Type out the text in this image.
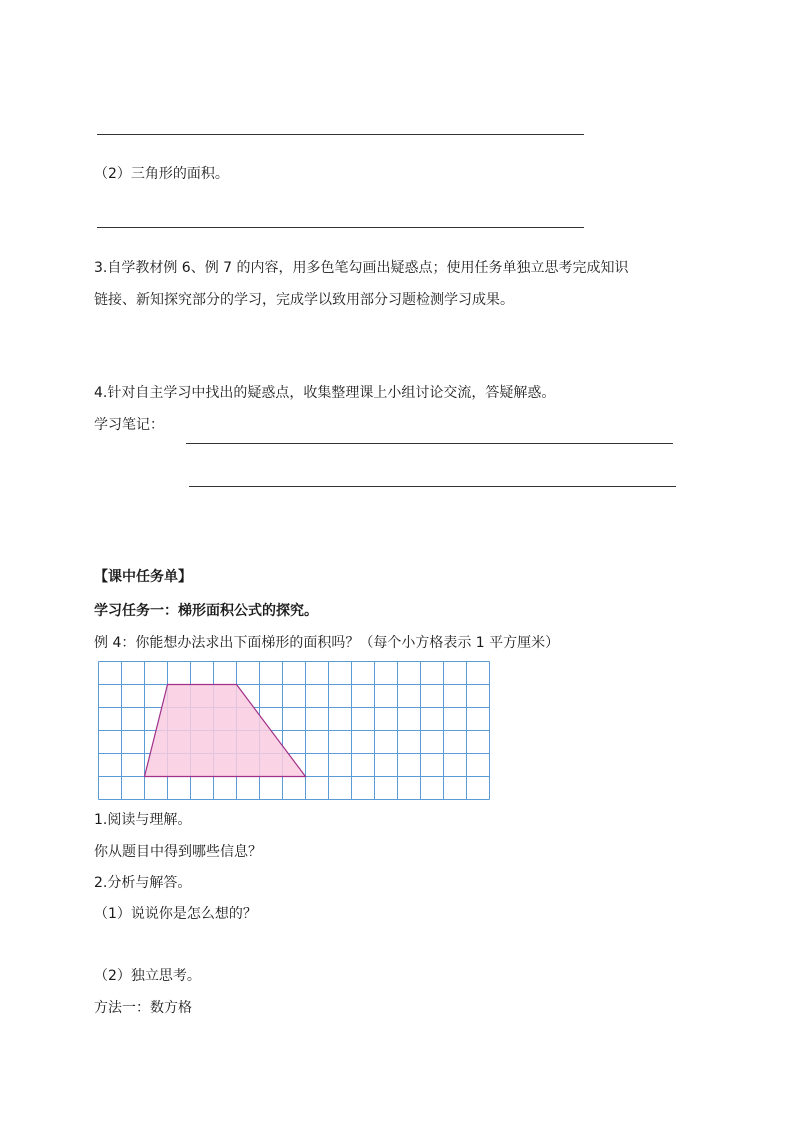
（2）三角形的面积。
3.自学教材例 6、例 7 的内容，用多色笔勾画出疑惑点；使用任务单独立思考完成知识
链接、新知探究部分的学习，完成学以致用部分习题检测学习成果。
4.针对自主学习中找出的疑惑点，收集整理课上小组讨论交流，答疑解惑。
学习笔记：
【课中任务单】
学习任务一：梯形面积公式的探究。
例 4：你能想办法求出下面梯形的面积吗？（每个小方格表示 1 平方厘米）
1.阅读与理解。
你从题目中得到哪些信息？
2.分析与解答。
（1）说说你是怎么想的？
（2）独立思考。
方法一：数方格
